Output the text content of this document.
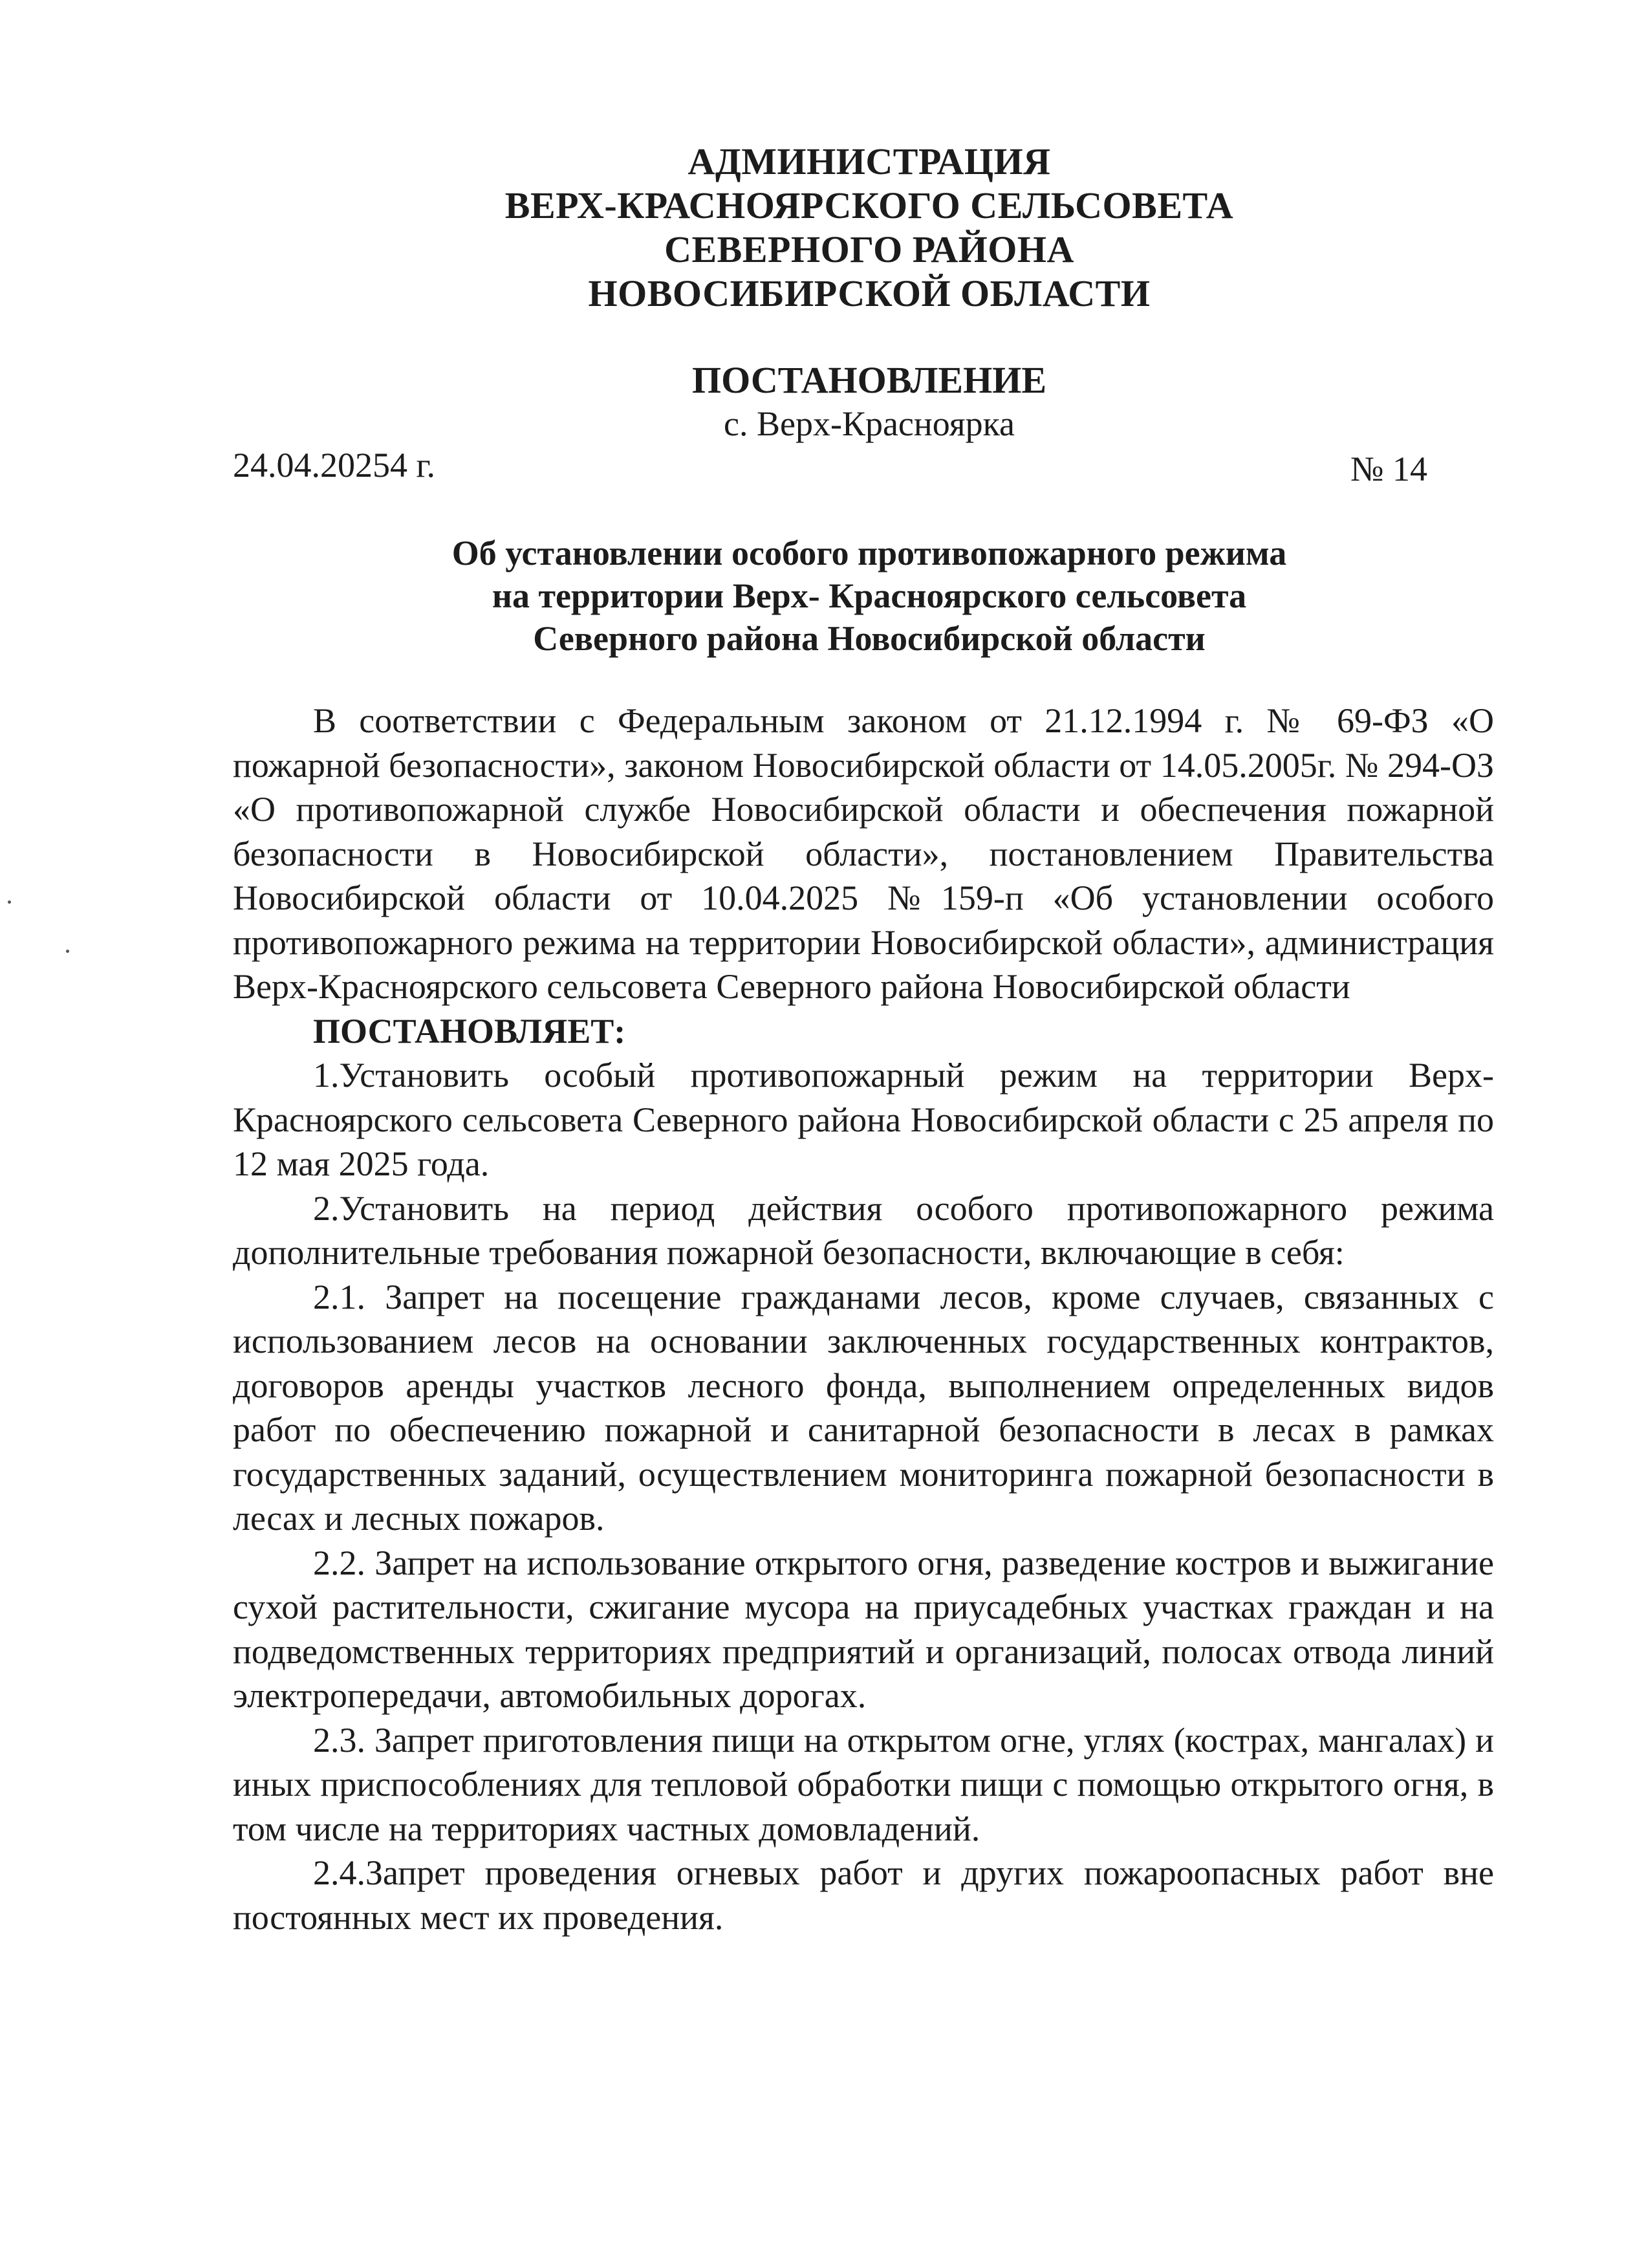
АДМИНИСТРАЦИЯ
ВЕРХ-КРАСНОЯРСКОГО СЕЛЬСОВЕТА
СЕВЕРНОГО РАЙОНА
НОВОСИБИРСКОЙ ОБЛАСТИ
ПОСТАНОВЛЕНИЕ
с. Верх-Красноярка
24.04.20254 г.	№ 14
Об установлении особого противопожарного режима
на территории Верх- Красноярского сельсовета
Северного района Новосибирской области

В соответствии с Федеральным законом от 21.12.1994 г. № 69-ФЗ «О пожарной безопасности», законом Новосибирской области от 14.05.2005г. № 294-ОЗ «О противопожарной службе Новосибирской области и обеспечения пожарной безопасности в Новосибирской области», постановлением Правительства Новосибирской области от 10.04.2025 №159-п «Об установлении особого противопожарного режима на территории Новосибирской области», администрация Верх-Красноярского сельсовета Северного района Новосибирской области

ПОСТАНОВЛЯЕТ:

1.Установить особый противопожарный режим на территории Верх-Красноярского сельсовета Северного района Новосибирской области с 25 апреля по 12 мая 2025 года.

2.Установить на период действия особого противопожарного режима дополнительные требования пожарной безопасности, включающие в себя:

2.1. Запрет на посещение гражданами лесов, кроме случаев, связанных с использованием лесов на основании заключенных государственных контрактов, договоров аренды участков лесного фонда, выполнением определенных видов работ по обеспечению пожарной и санитарной безопасности в лесах в рамках государственных заданий, осуществлением мониторинга пожарной безопасности в лесах и лесных пожаров.

2.2. Запрет на использование открытого огня, разведение костров и выжигание сухой растительности, сжигание мусора на приусадебных участках граждан и на подведомственных территориях предприятий и организаций, полосах отвода линий электропередачи, автомобильных дорогах.

2.3. Запрет приготовления пищи на открытом огне, углях (кострах, мангалах) и иных приспособлениях для тепловой обработки пищи с помощью открытого огня, в том числе на территориях частных домовладений.

2.4.Запрет проведения огневых работ и других пожароопасных работ вне постоянных мест их проведения.
